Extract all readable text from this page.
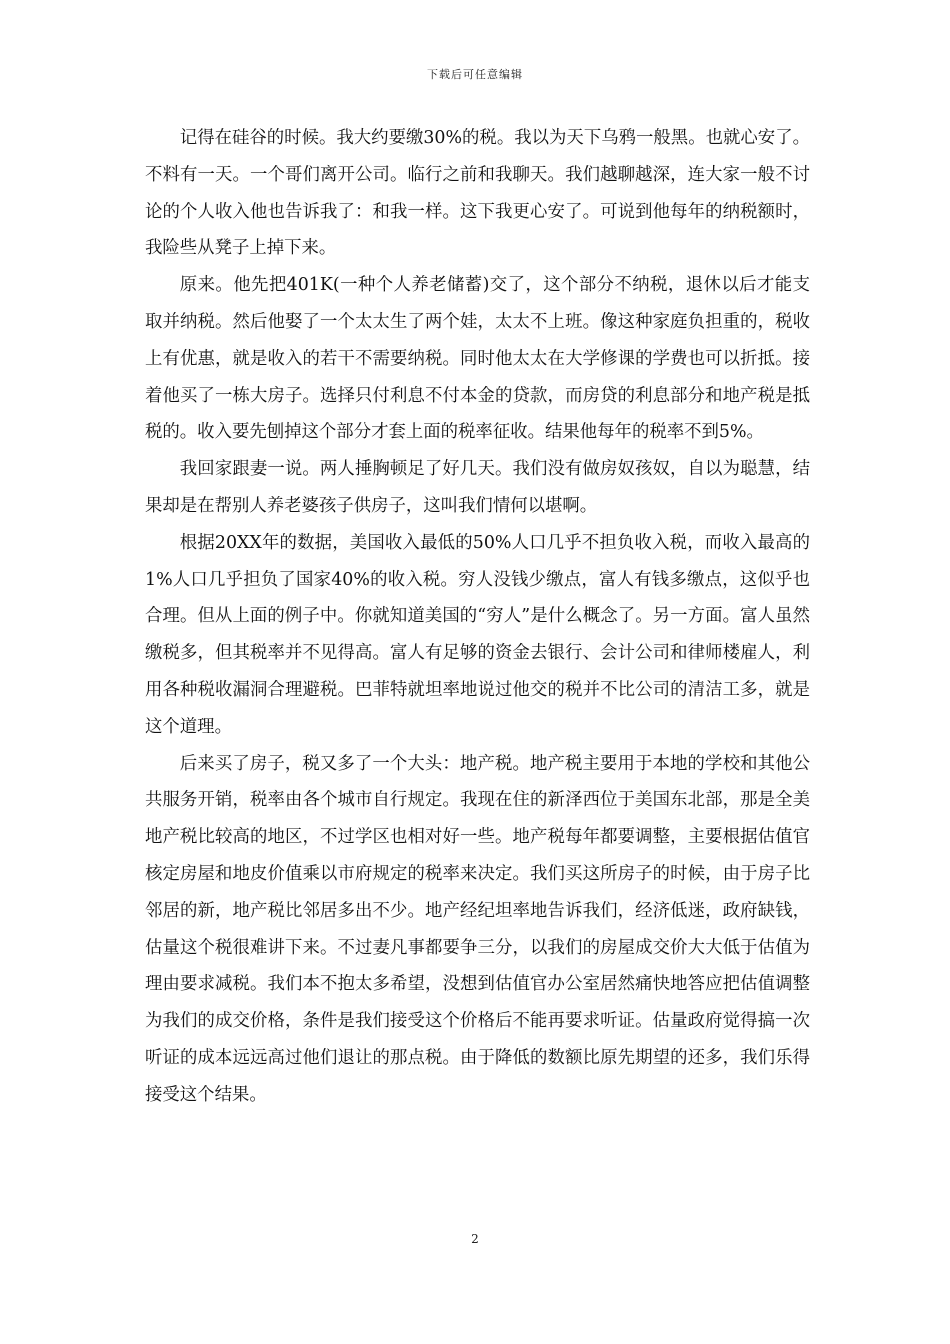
下载后可任意编辑

记得在硅谷的时候。我大约要缴30%的税。我以为天下乌鸦一般黑。也就心安了。不料有一天。一个哥们离开公司。临行之前和我聊天。我们越聊越深，连大家一般不讨论的个人收入他也告诉我了：和我一样。这下我更心安了。可说到他每年的纳税额时，我险些从凳子上掉下来。

原来。他先把401K(一种个人养老储蓄)交了，这个部分不纳税，退休以后才能支取并纳税。然后他娶了一个太太生了两个娃，太太不上班。像这种家庭负担重的，税收上有优惠，就是收入的若干不需要纳税。同时他太太在大学修课的学费也可以折抵。接着他买了一栋大房子。选择只付利息不付本金的贷款，而房贷的利息部分和地产税是抵税的。收入要先刨掉这个部分才套上面的税率征收。结果他每年的税率不到5%。

我回家跟妻一说。两人捶胸顿足了好几天。我们没有做房奴孩奴，自以为聪慧，结果却是在帮别人养老婆孩子供房子，这叫我们情何以堪啊。

根据20XX年的数据，美国收入最低的50%人口几乎不担负收入税，而收入最高的1%人口几乎担负了国家40%的收入税。穷人没钱少缴点，富人有钱多缴点，这似乎也合理。但从上面的例子中。你就知道美国的“穷人”是什么概念了。另一方面。富人虽然缴税多，但其税率并不见得高。富人有足够的资金去银行、会计公司和律师楼雇人，利用各种税收漏洞合理避税。巴菲特就坦率地说过他交的税并不比公司的清洁工多，就是这个道理。

后来买了房子，税又多了一个大头：地产税。地产税主要用于本地的学校和其他公共服务开销，税率由各个城市自行规定。我现在住的新泽西位于美国东北部，那是全美地产税比较高的地区，不过学区也相对好一些。地产税每年都要调整，主要根据估值官核定房屋和地皮价值乘以市府规定的税率来决定。我们买这所房子的时候，由于房子比邻居的新，地产税比邻居多出不少。地产经纪坦率地告诉我们，经济低迷，政府缺钱，估量这个税很难讲下来。不过妻凡事都要争三分，以我们的房屋成交价大大低于估值为理由要求减税。我们本不抱太多希望，没想到估值官办公室居然痛快地答应把估值调整为我们的成交价格，条件是我们接受这个价格后不能再要求听证。估量政府觉得搞一次听证的成本远远高过他们退让的那点税。由于降低的数额比原先期望的还多，我们乐得接受这个结果。

2
